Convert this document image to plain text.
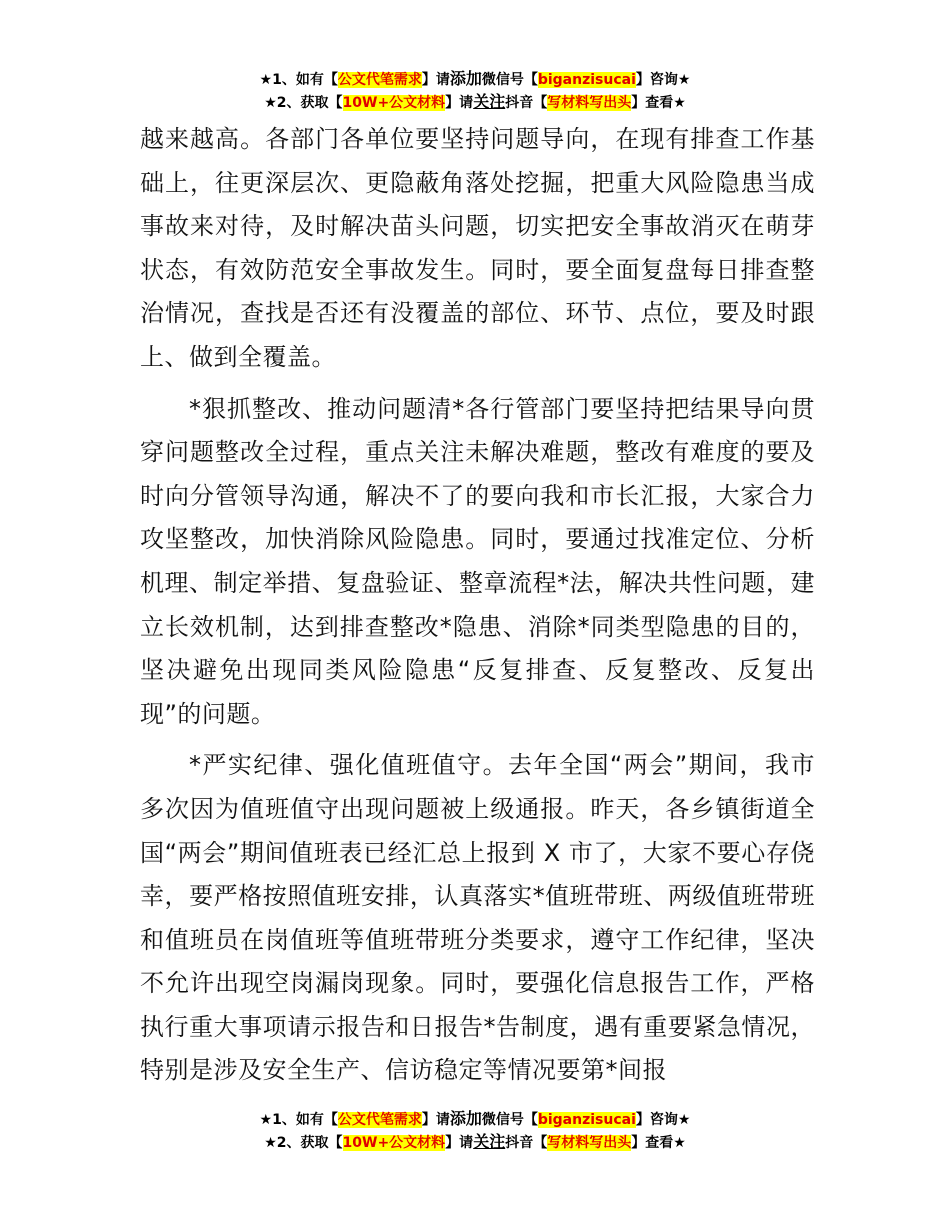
★1、如有【公文代笔需求】请添加微信号【biganzisucai】咨询★
★2、获取【10W+公文材料】请关注抖音【写材料写出头】查看★

越来越高。各部门各单位要坚持问题导向，在现有排查工作基础上，往更深层次、更隐蔽角落处挖掘，把重大风险隐患当成事故来对待，及时解决苗头问题，切实把安全事故消灭在萌芽状态，有效防范安全事故发生。同时，要全面复盘每日排查整治情况，查找是否还有没覆盖的部位、环节、点位，要及时跟上、做到全覆盖。

*狠抓整改、推动问题清*各行管部门要坚持把结果导向贯穿问题整改全过程，重点关注未解决难题，整改有难度的要及时向分管领导沟通，解决不了的要向我和市长汇报，大家合力攻坚整改，加快消除风险隐患。同时，要通过找准定位、分析机理、制定举措、复盘验证、整章流程*法，解决共性问题，建立长效机制，达到排查整改*隐患、消除*同类型隐患的目的，坚决避免出现同类风险隐患“反复排查、反复整改、反复出现”的问题。

*严实纪律、强化值班值守。去年全国“两会”期间，我市多次因为值班值守出现问题被上级通报。昨天，各乡镇街道全国“两会”期间值班表已经汇总上报到 X 市了，大家不要心存侥幸，要严格按照值班安排，认真落实*值班带班、两级值班带班和值班员在岗值班等值班带班分类要求，遵守工作纪律，坚决不允许出现空岗漏岗现象。同时，要强化信息报告工作，严格执行重大事项请示报告和日报告*告制度，遇有重要紧急情况，特别是涉及安全生产、信访稳定等情况要第*间报

★1、如有【公文代笔需求】请添加微信号【biganzisucai】咨询★
★2、获取【10W+公文材料】请关注抖音【写材料写出头】查看★
